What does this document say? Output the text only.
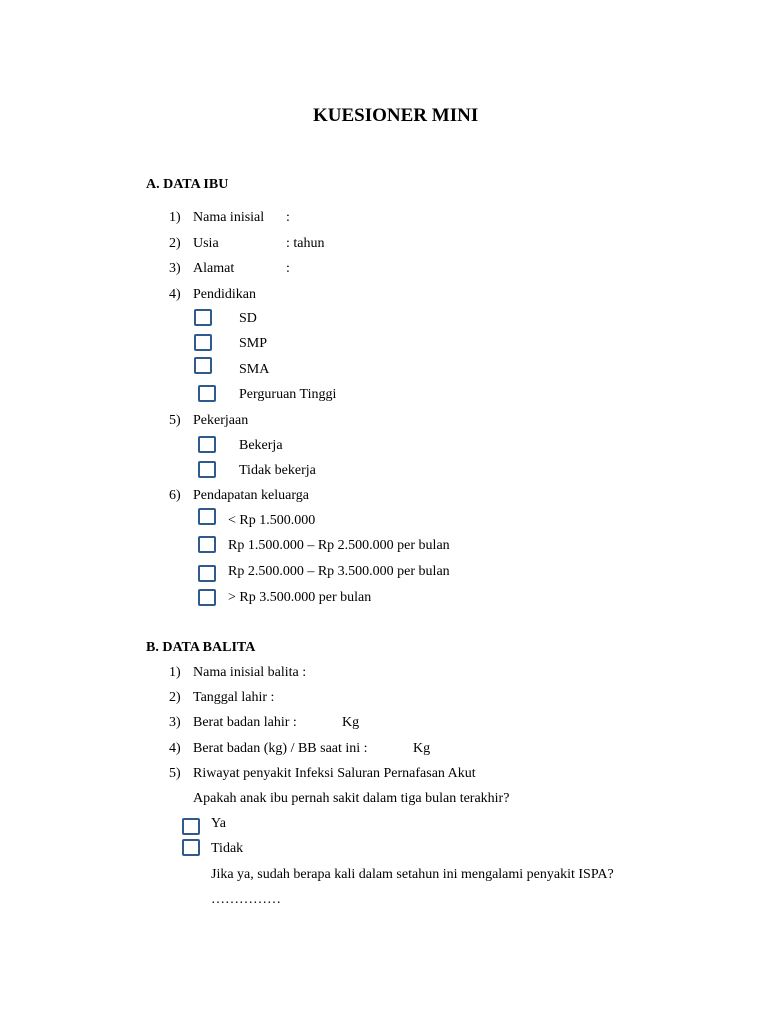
KUESIONER MINI
A. DATA IBU
1) Nama inisial :
2) Usia	: tahun
3) Alamat	:
4) Pendidikan
SD
SMP
SMA
Perguruan Tinggi
5) Pekerjaan
Bekerja
Tidak bekerja
6) Pendapatan keluarga
< Rp 1.500.000
Rp 1.500.000 – Rp 2.500.000 per bulan
Rp 2.500.000 – Rp 3.500.000 per bulan
> Rp 3.500.000 per bulan
B. DATA BALITA
1) Nama inisial balita :
2) Tanggal lahir :
3) Berat badan lahir :	Kg
4) Berat badan (kg) / BB saat ini :	Kg
5) Riwayat penyakit Infeksi Saluran Pernafasan Akut
Apakah anak ibu pernah sakit dalam tiga bulan terakhir?
Ya
Tidak
Jika ya, sudah berapa kali dalam setahun ini mengalami penyakit ISPA?
……………
